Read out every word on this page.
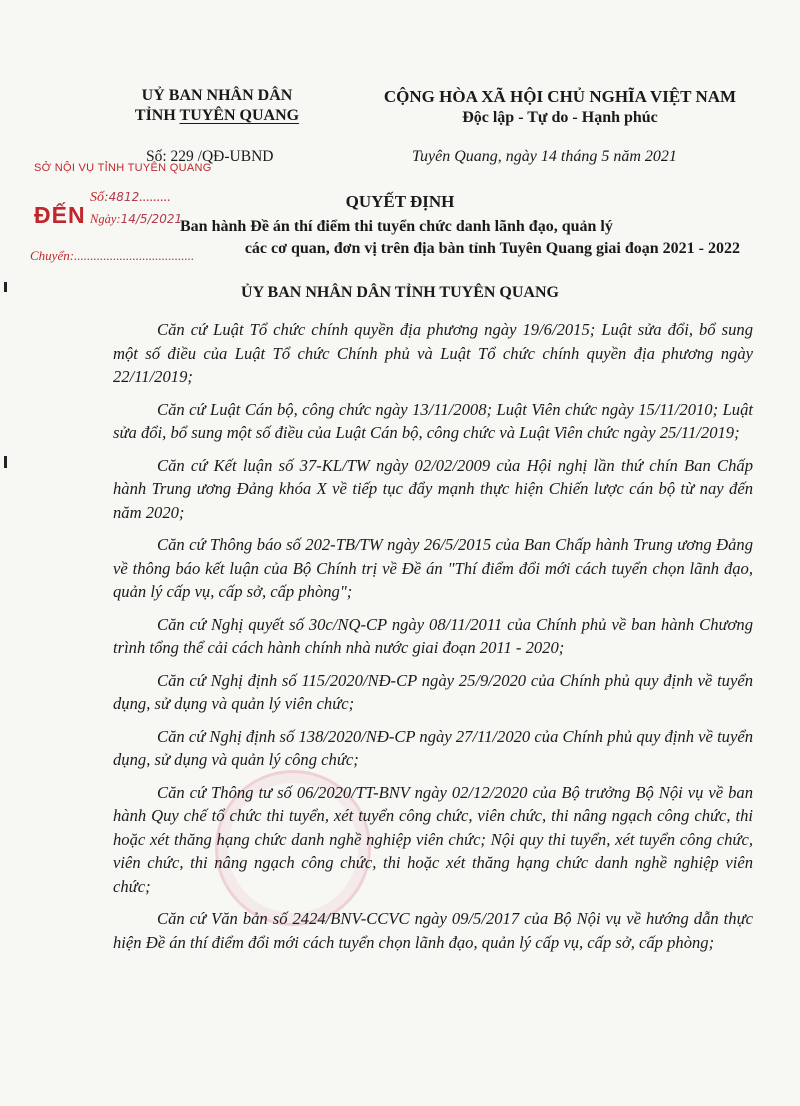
UỶ BAN NHÂN DÂN
TỈNH TUYÊN QUANG
CỘNG HÒA XÃ HỘI CHỦ NGHĨA VIỆT NAM
Độc lập - Tự do - Hạnh phúc
Số: 229 /QĐ-UBND	Tuyên Quang, ngày 14 tháng 5 năm 2021
SỞ NỘI VỤ TỈNH TUYÊN QUANG
ĐẾN
Số:4812.........
Ngày:14/5/2021
Chuyển:.....................................
QUYẾT ĐỊNH
Ban hành Đề án thí điểm thi tuyển chức danh lãnh đạo, quản lý
các cơ quan, đơn vị trên địa bàn tỉnh Tuyên Quang giai đoạn 2021 - 2022
ỦY BAN NHÂN DÂN TỈNH TUYÊN QUANG

Căn cứ Luật Tổ chức chính quyền địa phương ngày 19/6/2015; Luật sửa đổi, bổ sung một số điều của Luật Tổ chức Chính phủ và Luật Tổ chức chính quyền địa phương ngày 22/11/2019;

Căn cứ Luật Cán bộ, công chức ngày 13/11/2008; Luật Viên chức ngày 15/11/2010; Luật sửa đổi, bổ sung một số điều của Luật Cán bộ, công chức và Luật Viên chức ngày 25/11/2019;

Căn cứ Kết luận số 37-KL/TW ngày 02/02/2009 của Hội nghị lần thứ chín Ban Chấp hành Trung ương Đảng khóa X về tiếp tục đẩy mạnh thực hiện Chiến lược cán bộ từ nay đến năm 2020;

Căn cứ Thông báo số 202-TB/TW ngày 26/5/2015 của Ban Chấp hành Trung ương Đảng về thông báo kết luận của Bộ Chính trị về Đề án "Thí điểm đổi mới cách tuyển chọn lãnh đạo, quản lý cấp vụ, cấp sở, cấp phòng";

Căn cứ Nghị quyết số 30c/NQ-CP ngày 08/11/2011 của Chính phủ về ban hành Chương trình tổng thể cải cách hành chính nhà nước giai đoạn 2011 - 2020;

Căn cứ Nghị định số 115/2020/NĐ-CP ngày 25/9/2020 của Chính phủ quy định về tuyển dụng, sử dụng và quản lý viên chức;

Căn cứ Nghị định số 138/2020/NĐ-CP ngày 27/11/2020 của Chính phủ quy định về tuyển dụng, sử dụng và quản lý công chức;

Căn cứ Thông tư số 06/2020/TT-BNV ngày 02/12/2020 của Bộ trưởng Bộ Nội vụ về ban hành Quy chế tổ chức thi tuyển, xét tuyển công chức, viên chức, thi nâng ngạch công chức, thi hoặc xét thăng hạng chức danh nghề nghiệp viên chức; Nội quy thi tuyển, xét tuyển công chức, viên chức, thi nâng ngạch công chức, thi hoặc xét thăng hạng chức danh nghề nghiệp viên chức;

Căn cứ Văn bản số 2424/BNV-CCVC ngày 09/5/2017 của Bộ Nội vụ về hướng dẫn thực hiện Đề án thí điểm đổi mới cách tuyển chọn lãnh đạo, quản lý cấp vụ, cấp sở, cấp phòng;
